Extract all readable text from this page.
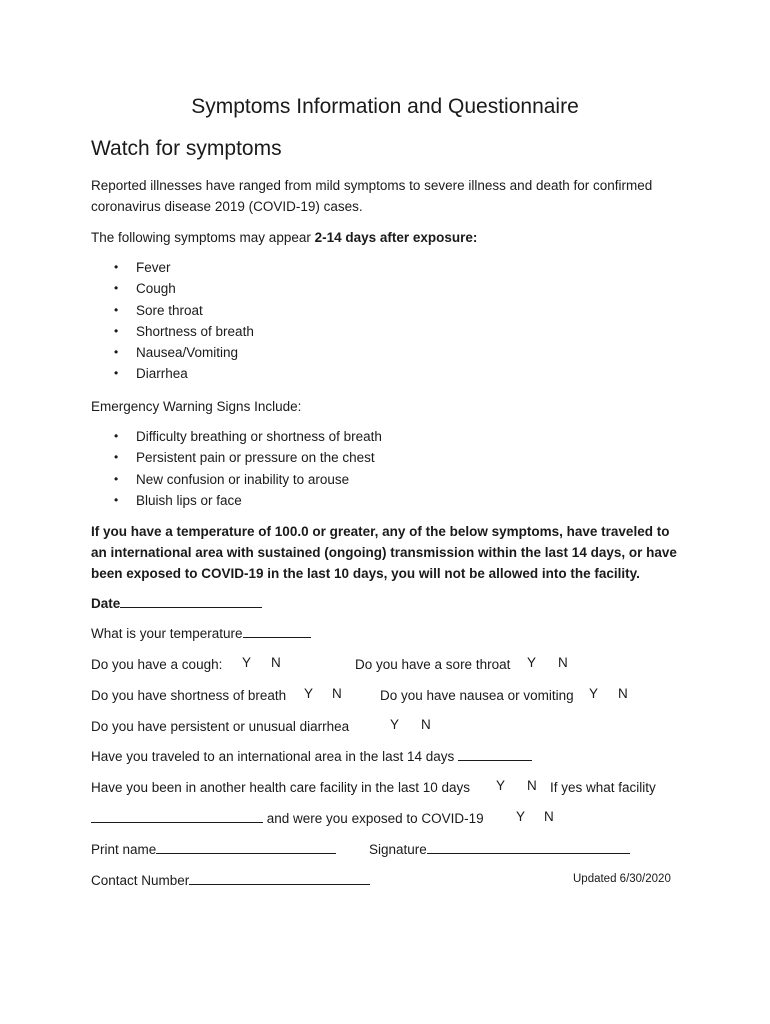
Symptoms Information and Questionnaire
Watch for symptoms
Reported illnesses have ranged from mild symptoms to severe illness and death for confirmed
coronavirus disease 2019 (COVID-19) cases.
The following symptoms may appear 2-14 days after exposure:
• Fever
• Cough
• Sore throat
• Shortness of breath
• Nausea/Vomiting
• Diarrhea
Emergency Warning Signs Include:
• Difficulty breathing or shortness of breath
• Persistent pain or pressure on the chest
• New confusion or inability to arouse
• Bluish lips or face
If you have a temperature of 100.0 or greater, any of the below symptoms, have traveled to
an international area with sustained (ongoing) transmission within the last 14 days, or have
been exposed to COVID-19 in the last 10 days, you will not be allowed into the facility.
Date
What is your temperature
Do you have a cough: Y N	Do you have a sore throat Y N
Do you have shortness of breath Y N	Do you have nausea or vomiting Y N
Do you have persistent or unusual diarrhea	Y N
Have you traveled to an international area in the last 14 days
Have you been in another health care facility in the last 10 days Y N If yes what facility
and were you exposed to COVID-19 Y N
Print name	Signature
Contact Number	Updated 6/30/2020
